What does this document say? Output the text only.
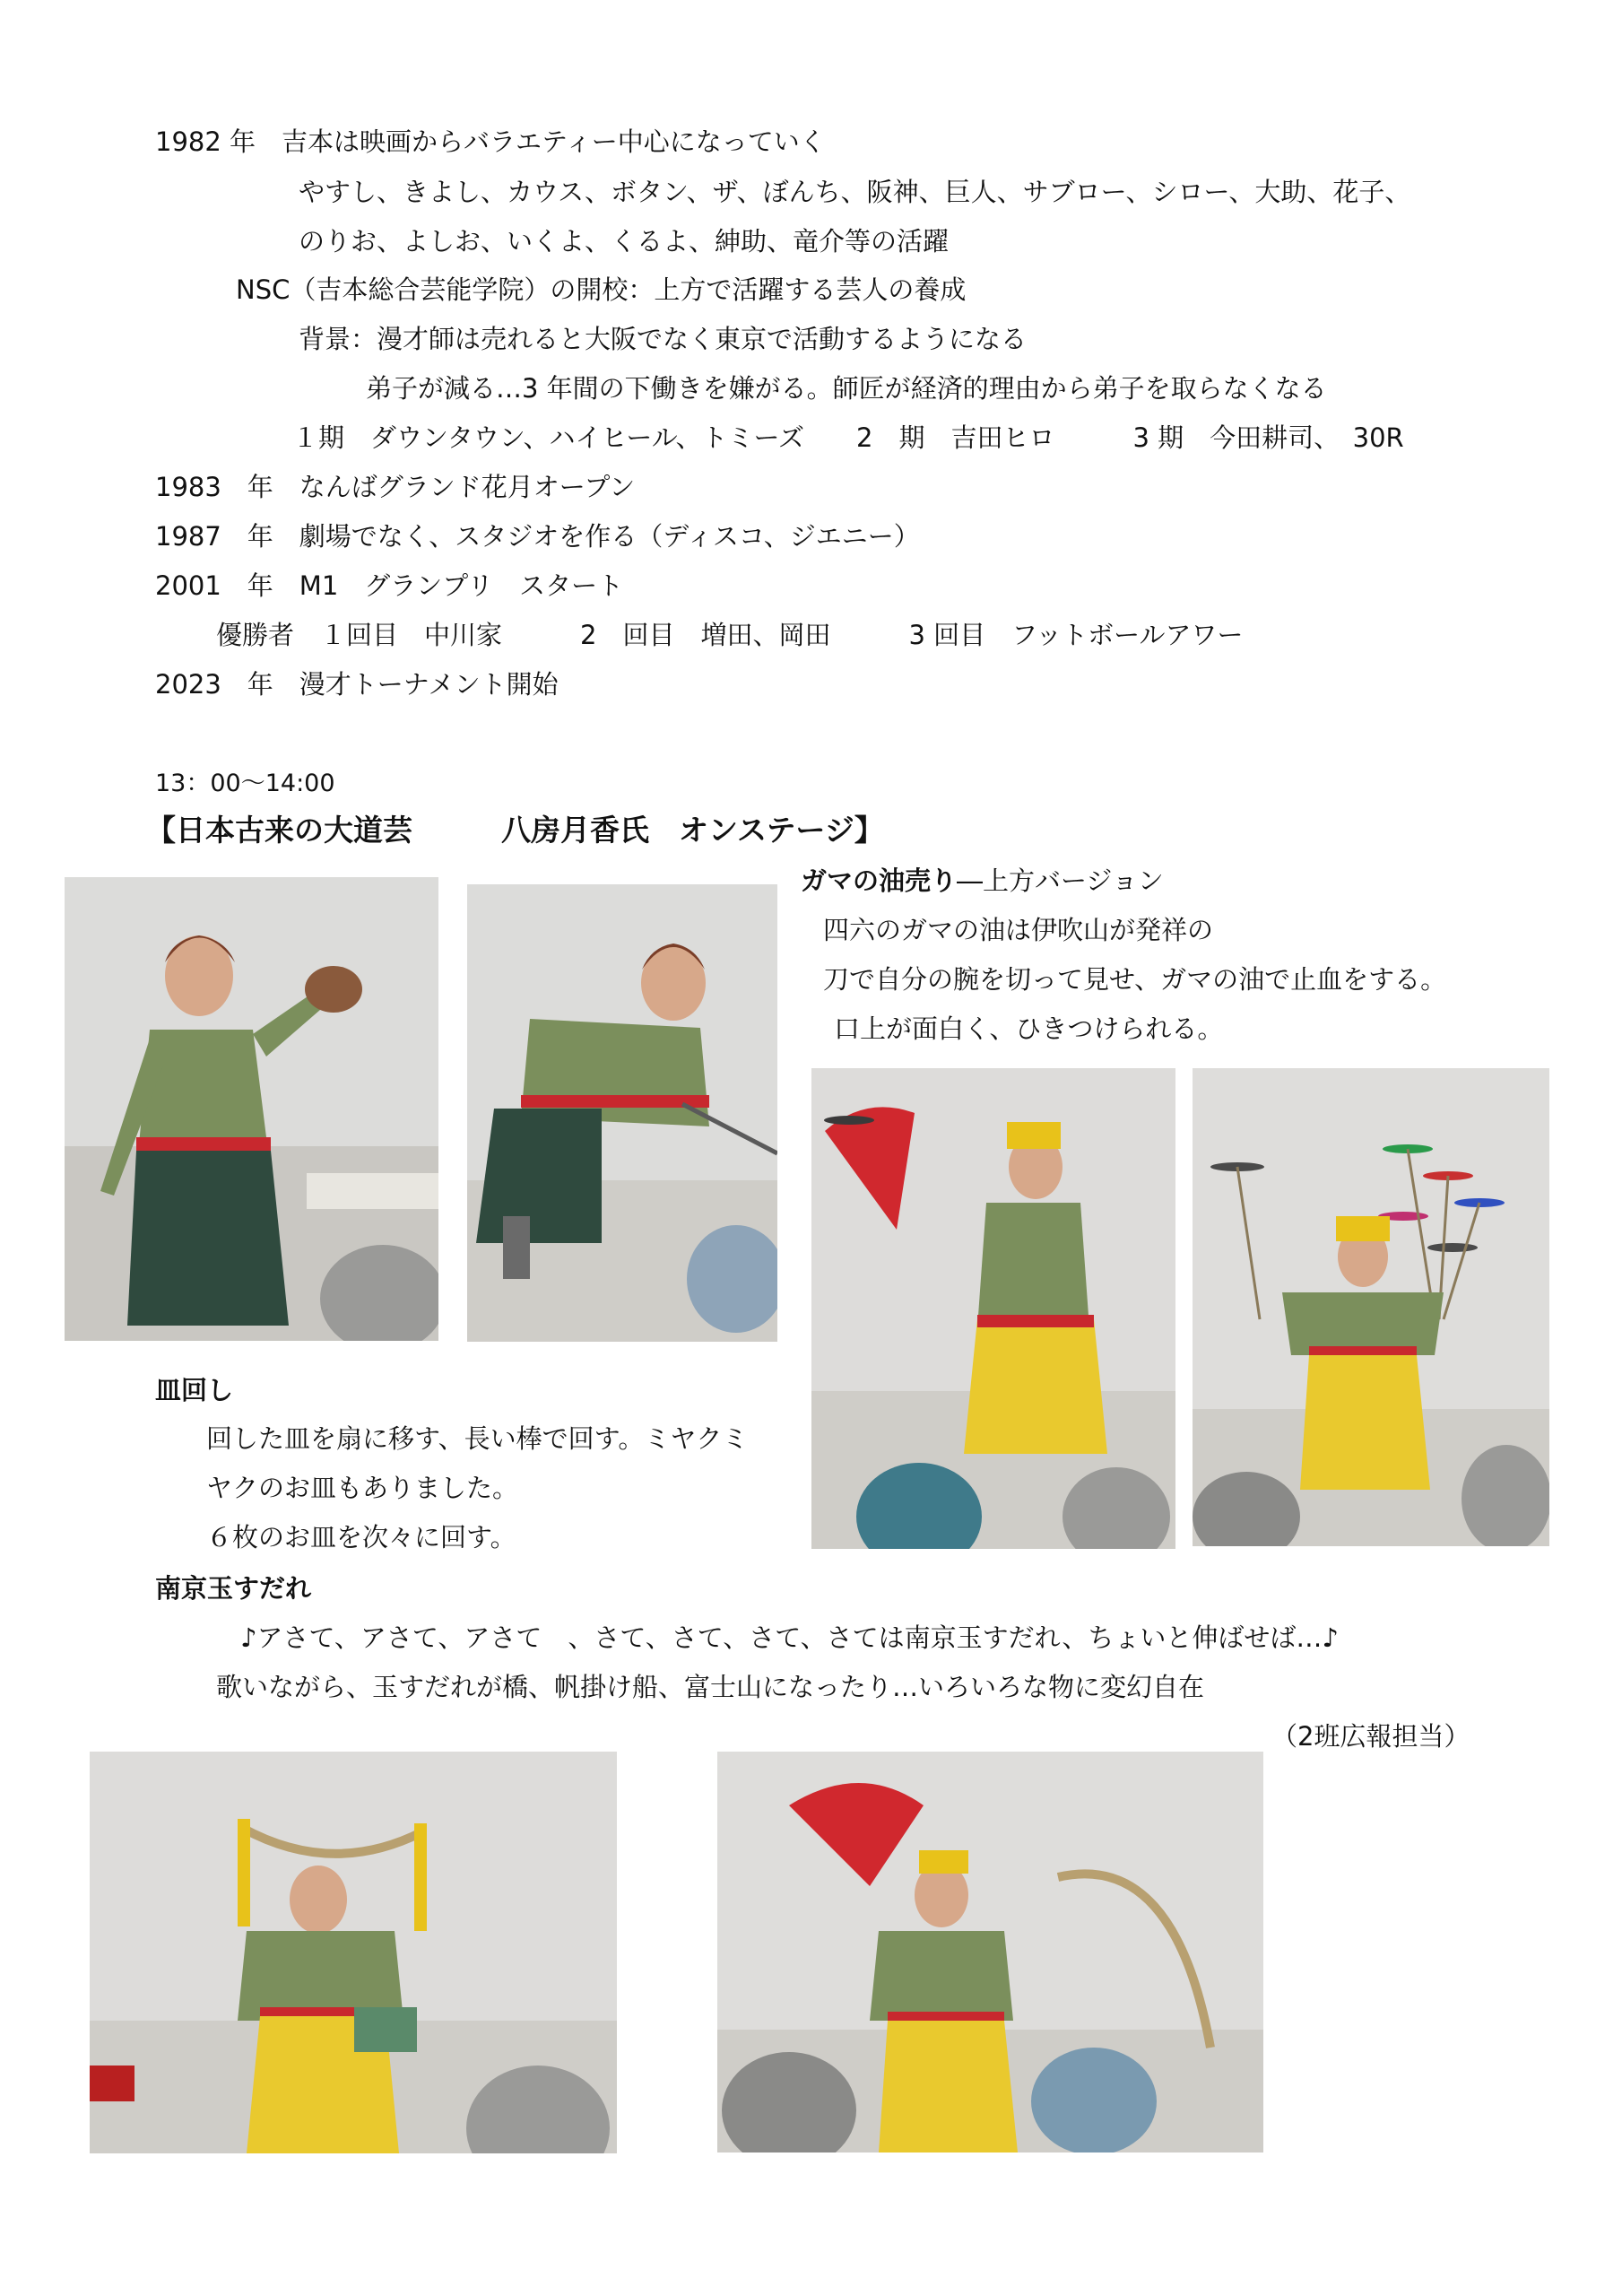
1982 年　吉本は映画からバラエティー中心になっていく
やすし、きよし、カウス、ボタン、ザ、ぼんち、阪神、巨人、サブロー、シロー、大助、花子、
のりお、よしお、いくよ、くるよ、紳助、竜介等の活躍
NSC（吉本総合芸能学院）の開校：上方で活躍する芸人の養成
背景：漫才師は売れると大阪でなく東京で活動するようになる
弟子が減る…3 年間の下働きを嫌がる。師匠が経済的理由から弟子を取らなくなる
１期　ダウンタウン、ハイヒール、トミーズ　　2　期　吉田ヒロ　　　3 期　今田耕司、　30R
1983　年　なんばグランド花月オープン
1987　年　劇場でなく、スタジオを作る（ディスコ、ジエニー）
2001　年　M1　グランプリ　スタート
優勝者　１回目　中川家　　　2　回目　増田、岡田　　　3 回目　フットボールアワー
2023　年　漫才トーナメント開始
13：00～14:00
【日本古来の大道芸　　　八房月香氏　オンステージ】
ガマの油売り―上方バージョン
四六のガマの油は伊吹山が発祥の
刀で自分の腕を切って見せ、ガマの油で止血をする。
口上が面白く、ひきつけられる。
皿回し
回した皿を扇に移す、長い棒で回す。ミヤクミ
ヤクのお皿もありました。
６枚のお皿を次々に回す。
南京玉すだれ
♪アさて、アさて、アさて　、さて、さて、さて、さては南京玉すだれ、ちょいと伸ばせば…♪
歌いながら、玉すだれが橋、帆掛け船、富士山になったり…いろいろな物に変幻自在
（2班広報担当）
